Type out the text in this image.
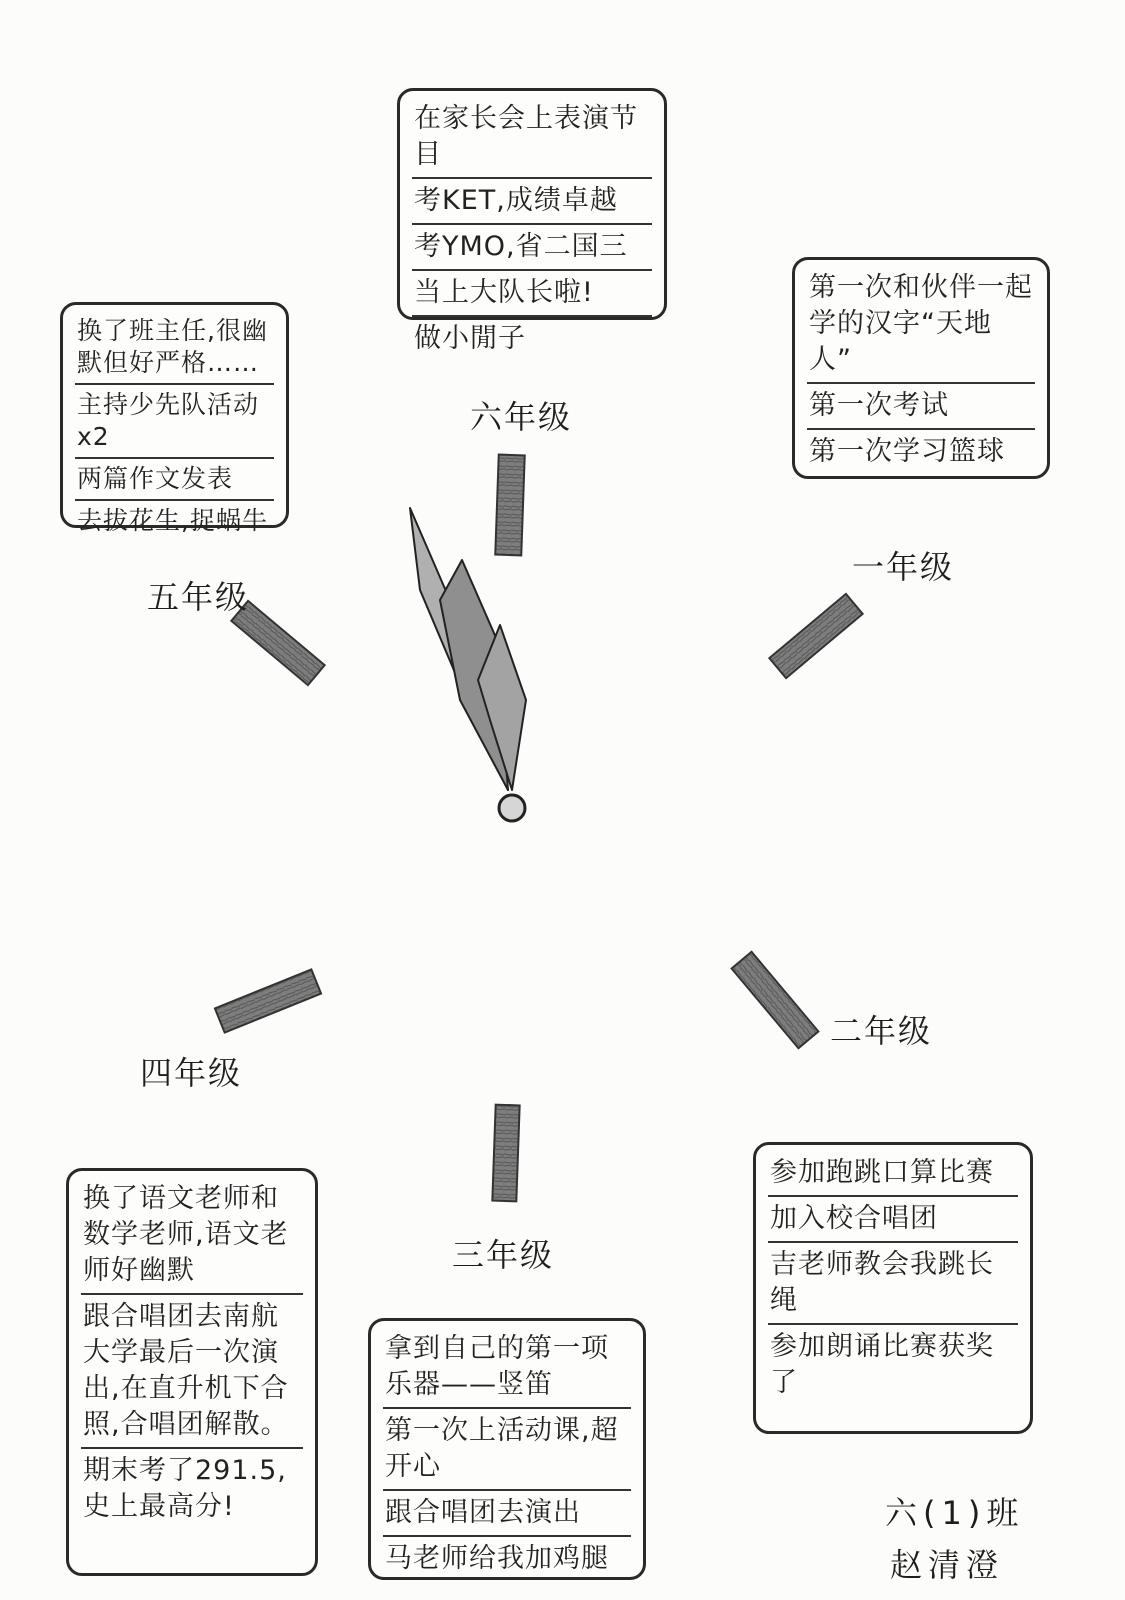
六年级
一年级
五年级
四年级
二年级
三年级
在家长会上表演节目
考KET,成绩卓越
考YMO,省二国三
当上大队长啦!
做小閒子
第一次和伙伴一起学的汉字“天地人”
第一次考试
第一次学习篮球
换了班主任,很幽默但好严格……
主持少先队活动x2
两篇作文发表
去拔花生,捉蜗牛
参加跑跳口算比赛
加入校合唱团
吉老师教会我跳长绳
参加朗诵比赛获奖了
换了语文老师和数学老师,语文老师好幽默
跟合唱团去南航大学最后一次演出,在直升机下合照,合唱团解散。
期末考了291.5,史上最高分!
拿到自己的第一项乐器——竖笛
第一次上活动课,超开心
跟合唱团去演出
马老师给我加鸡腿
六(1)班
赵清澄
